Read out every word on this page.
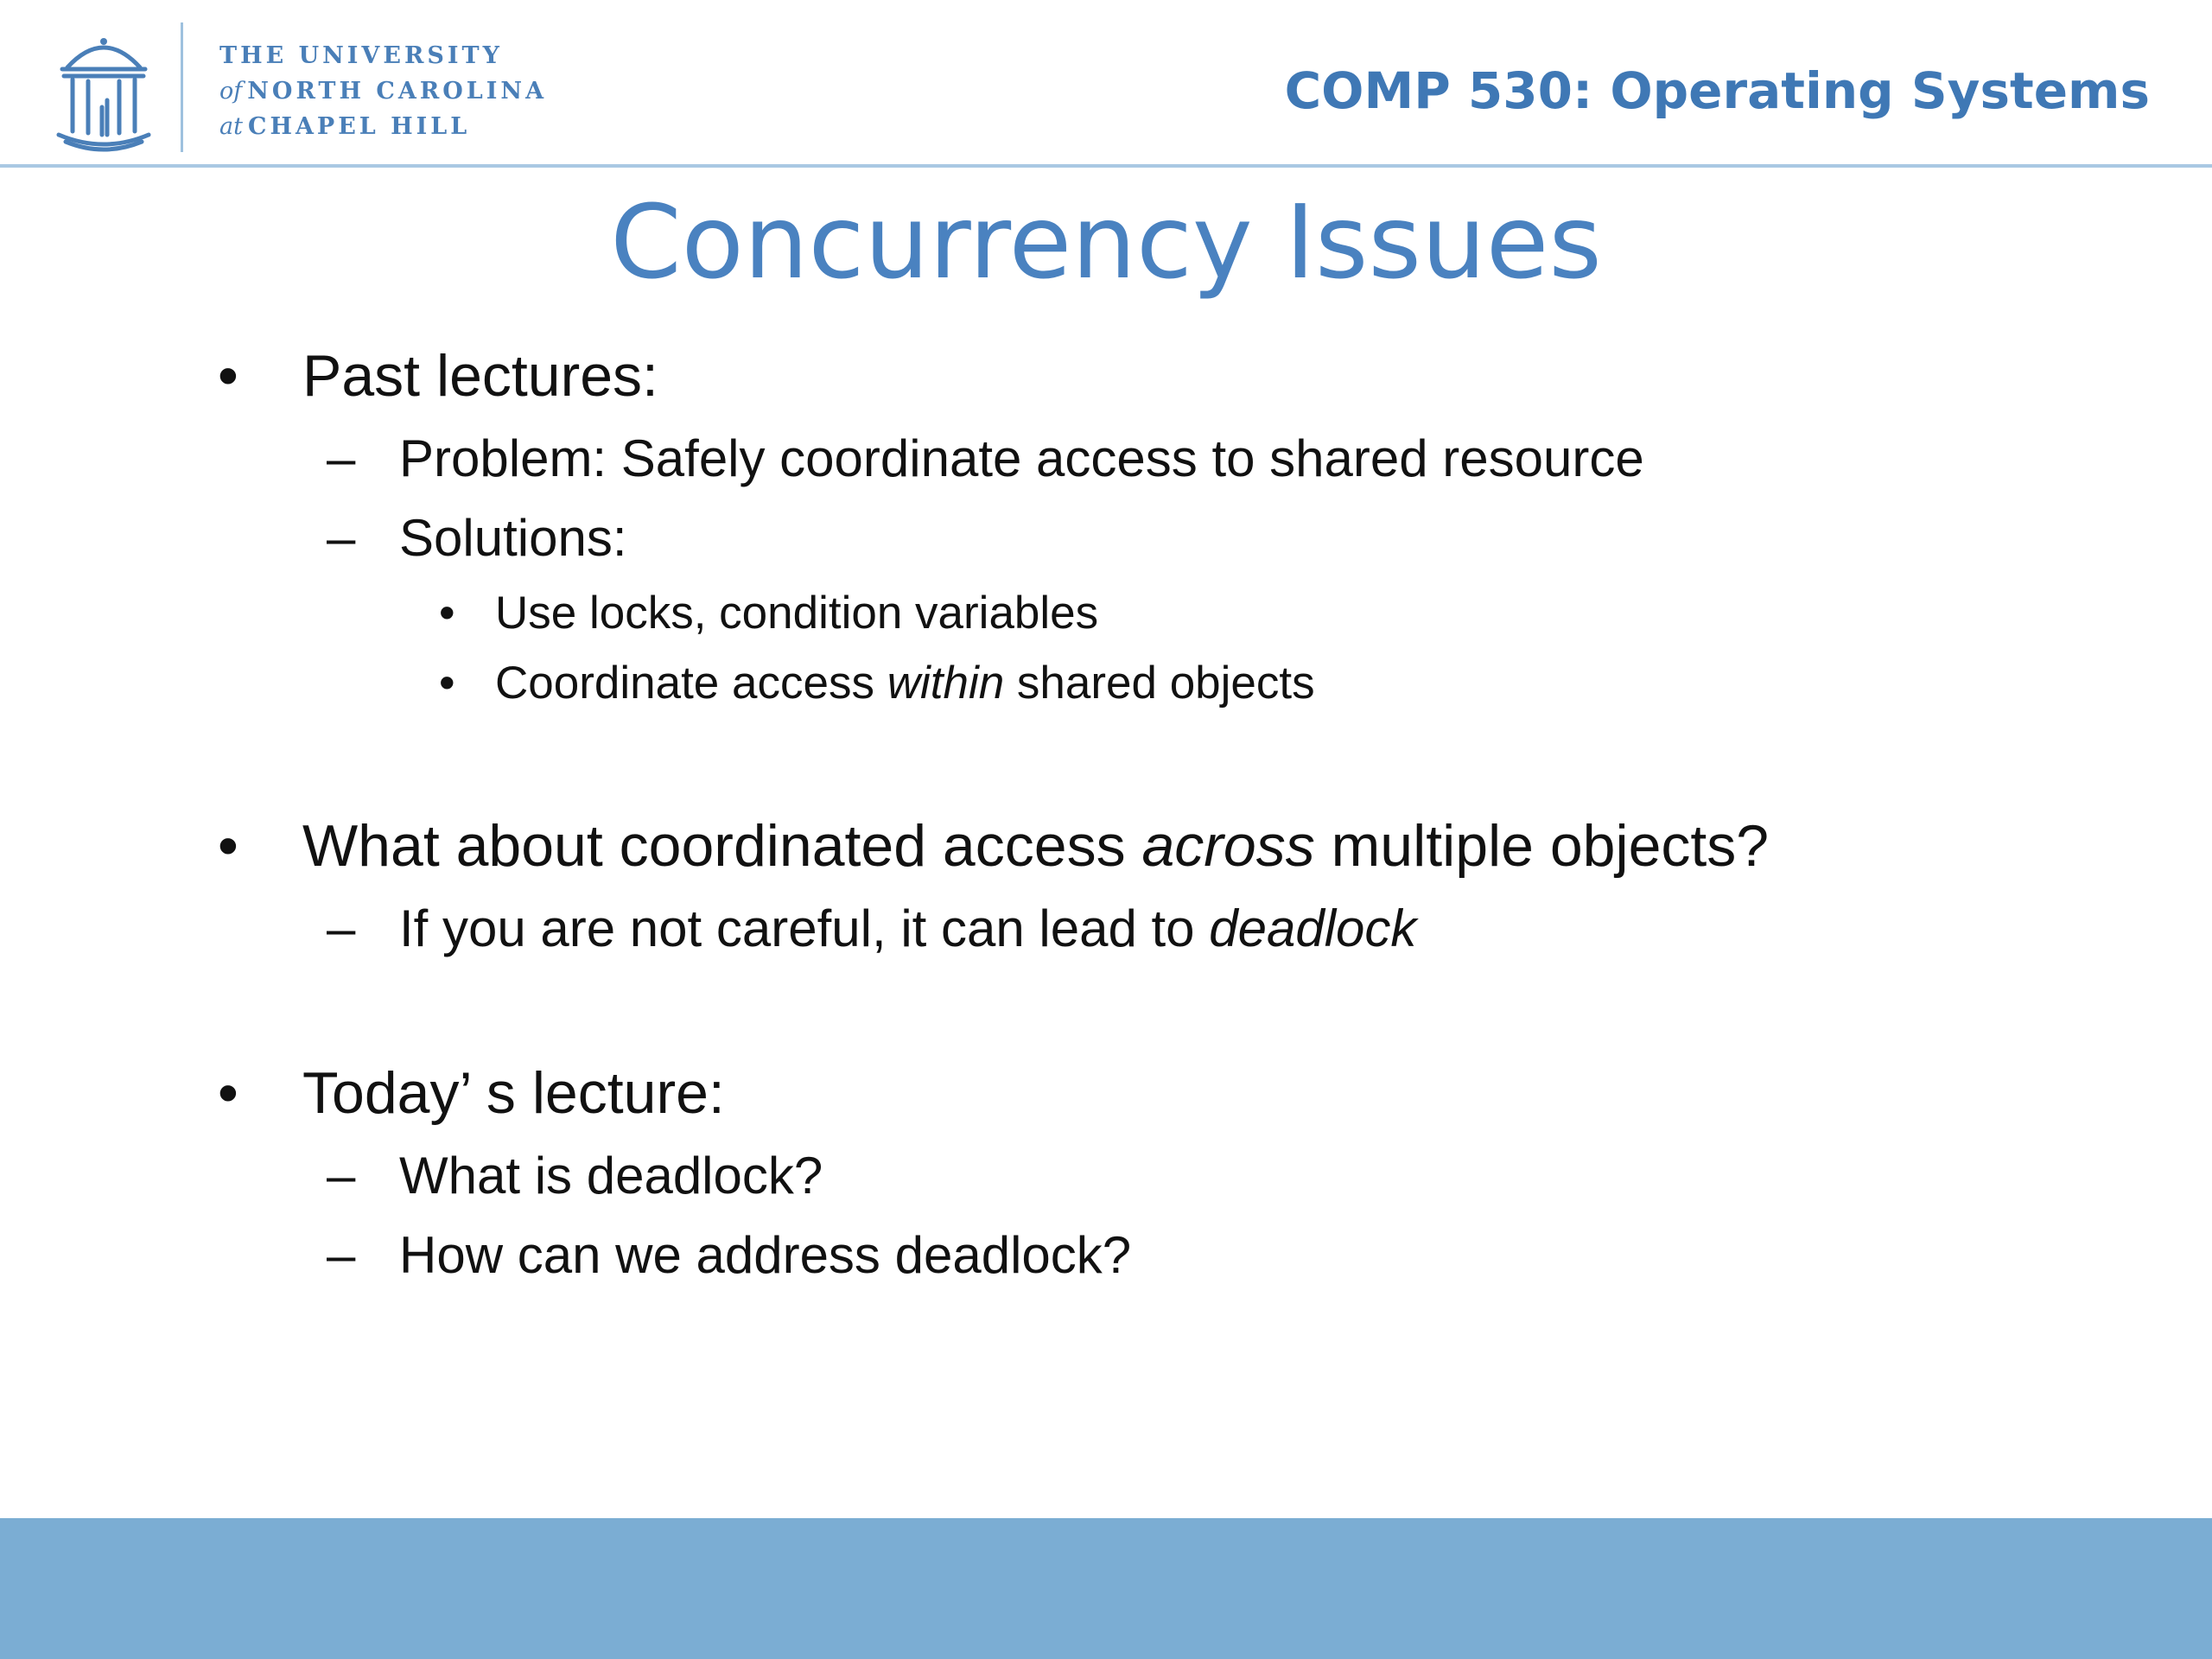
THE UNIVERSITY
of NORTH CAROLINA
at CHAPEL HILL
COMP 530: Operating Systems
Concurrency Issues
• Past lectures:
– Problem: Safely coordinate access to shared resource
– Solutions:
• Use locks, condition variables
• Coordinate access within shared objects
• What about coordinated access across multiple objects?
– If you are not careful, it can lead to deadlock
• Today’ s lecture:
– What is deadlock?
– How can we address deadlock?
